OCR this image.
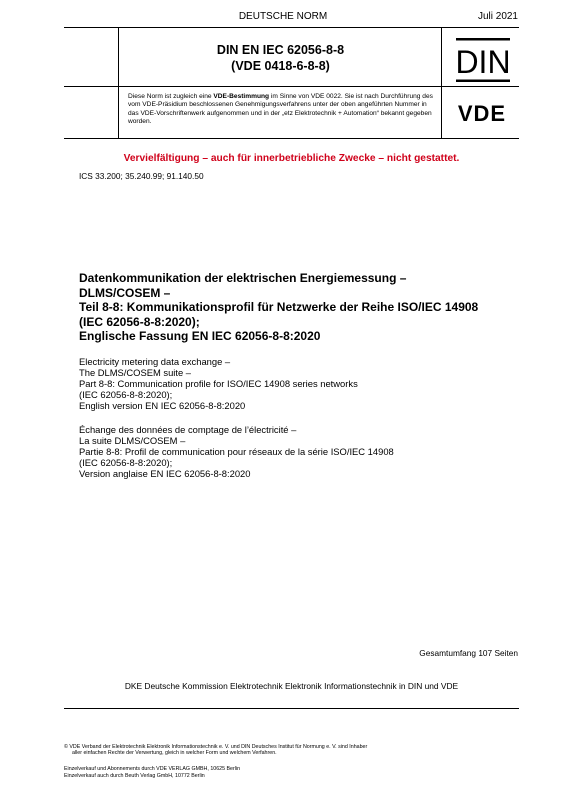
DEUTSCHE NORM	Juli 2021
DIN EN IEC 62056-8-8
(VDE 0418-6-8-8)	DIN
Diese Norm ist zugleich eine VDE-Bestimmung im Sinne von VDE 0022. Sie ist nach Durchführung des vom VDE-Präsidium beschlossenen Genehmigungsverfahrens unter der oben angeführten Nummer in das VDE-Vorschriftenwerk aufgenommen und in der „etz Elektrotechnik + Automation“ bekannt gegeben worden.	VDE
Vervielfältigung – auch für innerbetriebliche Zwecke – nicht gestattet.
ICS 33.200; 35.240.99; 91.140.50
Datenkommunikation der elektrischen Energiemessung –
DLMS/COSEM –
Teil 8-8: Kommunikationsprofil für Netzwerke der Reihe ISO/IEC 14908
(IEC 62056-8-8:2020);
Englische Fassung EN IEC 62056-8-8:2020
Electricity metering data exchange –
The DLMS/COSEM suite –
Part 8-8: Communication profile for ISO/IEC 14908 series networks
(IEC 62056-8-8:2020);
English version EN IEC 62056-8-8:2020
Échange des données de comptage de l’électricité –
La suite DLMS/COSEM –
Partie 8-8: Profil de communication pour réseaux de la série ISO/IEC 14908
(IEC 62056-8-8:2020);
Version anglaise EN IEC 62056-8-8:2020
Gesamtumfang 107 Seiten
DKE Deutsche Kommission Elektrotechnik Elektronik Informationstechnik in DIN und VDE
© VDE Verband der Elektrotechnik Elektronik Informationstechnik e. V. und DIN Deutsches Institut für Normung e. V. sind Inhaber
aller einfachen Rechte der Verwertung, gleich in welcher Form und welchem Verfahren.
Einzelverkauf und Abonnements durch VDE VERLAG GMBH, 10625 Berlin
Einzelverkauf auch durch Beuth Verlag GmbH, 10772 Berlin
